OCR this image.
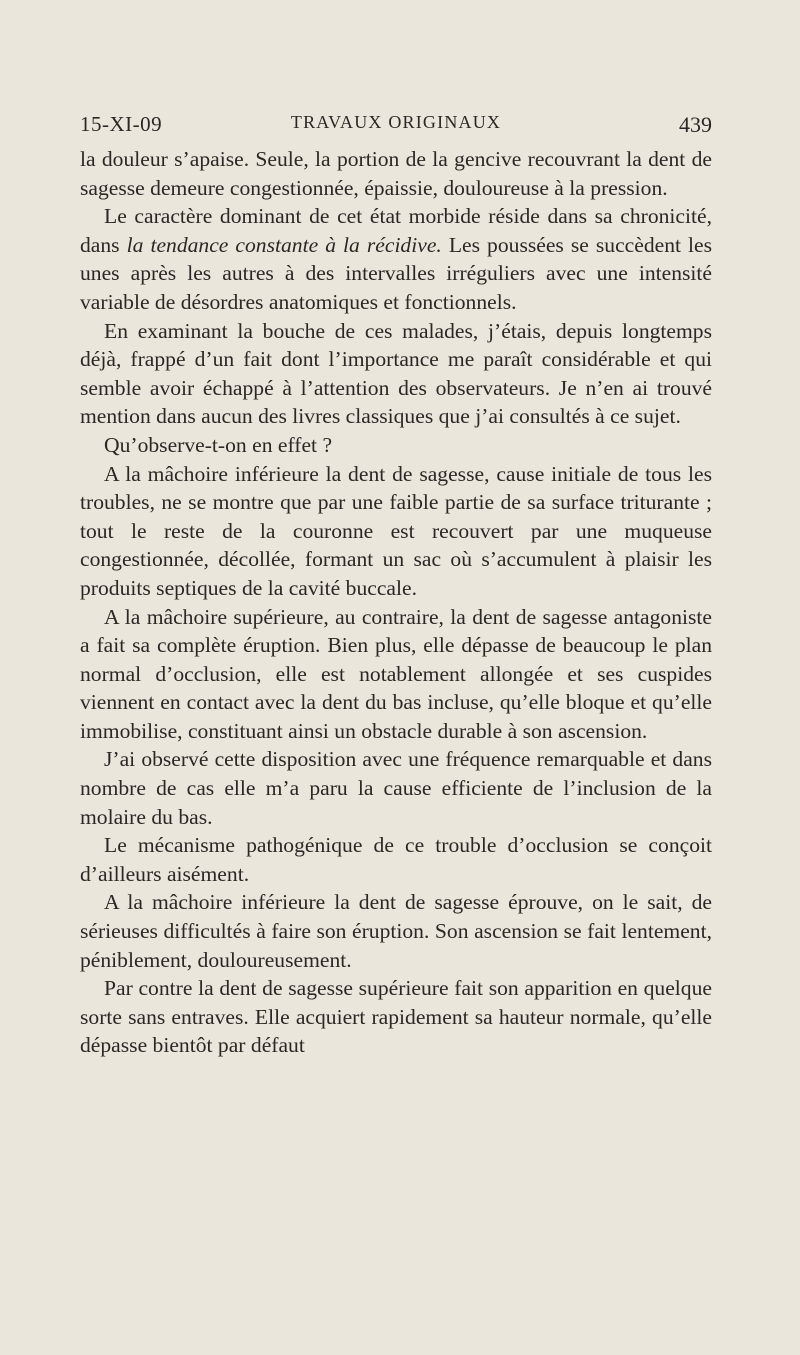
15-XI-09	TRAVAUX ORIGINAUX	439

la douleur s’apaise. Seule, la portion de la gencive recouvrant la dent de sagesse demeure congestionnée, épaissie, douloureuse à la pression.

Le caractère dominant de cet état morbide réside dans sa chronicité, dans la tendance constante à la récidive. Les poussées se succèdent les unes après les autres à des intervalles irréguliers avec une intensité variable de désordres anatomiques et fonctionnels.

En examinant la bouche de ces malades, j’étais, depuis longtemps déjà, frappé d’un fait dont l’importance me paraît considérable et qui semble avoir échappé à l’attention des observateurs. Je n’en ai trouvé mention dans aucun des livres classiques que j’ai consultés à ce sujet.

Qu’observe-t-on en effet ?

A la mâchoire inférieure la dent de sagesse, cause initiale de tous les troubles, ne se montre que par une faible partie de sa surface triturante ; tout le reste de la couronne est recouvert par une muqueuse congestionnée, décollée, formant un sac où s’accumulent à plaisir les produits septiques de la cavité buccale.

A la mâchoire supérieure, au contraire, la dent de sagesse antagoniste a fait sa complète éruption. Bien plus, elle dépasse de beaucoup le plan normal d’occlusion, elle est notablement allongée et ses cuspides viennent en contact avec la dent du bas incluse, qu’elle bloque et qu’elle immobilise, constituant ainsi un obstacle durable à son ascension.

J’ai observé cette disposition avec une fréquence remarquable et dans nombre de cas elle m’a paru la cause efficiente de l’inclusion de la molaire du bas.

Le mécanisme pathogénique de ce trouble d’occlusion se conçoit d’ailleurs aisément.

A la mâchoire inférieure la dent de sagesse éprouve, on le sait, de sérieuses difficultés à faire son éruption. Son ascension se fait lentement, péniblement, douloureusement.

Par contre la dent de sagesse supérieure fait son apparition en quelque sorte sans entraves. Elle acquiert rapidement sa hauteur normale, qu’elle dépasse bientôt par défaut
